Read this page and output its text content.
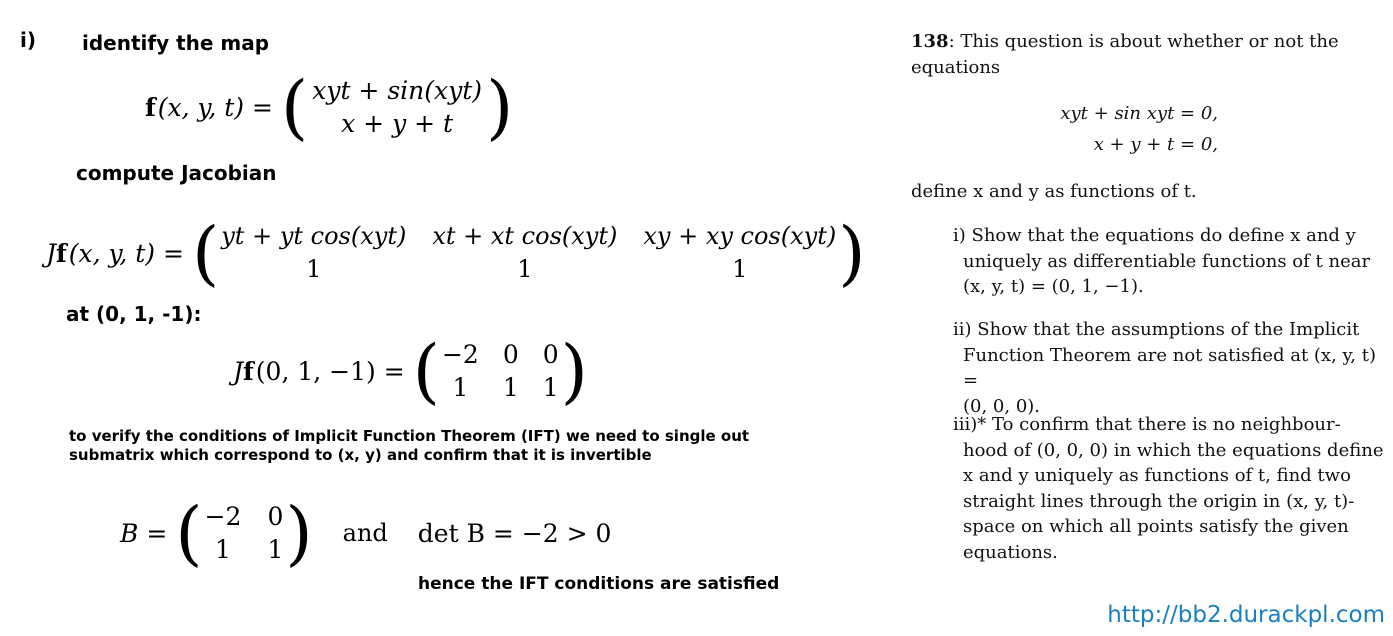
i) identify the map
f (x, y, t) = ( xyt + sin(xyt)
x + y + t )
compute Jacobian
J f (x, y, t) = ( yt + yt cos(xyt) xt + xt cos(xyt) xy + xy cos(xyt)
1	1	1	)
at (0, 1, -1):
J f (0, 1, −1) = ( −2 0 0
1	1 1 )
to verify the conditions of Implicit Function Theorem (IFT) we need to single out
submatrix which correspond to (x, y) and confirm that it is invertible
B = ( −2 0
1	1 ) and det B = −2 > 0
hence the IFT conditions are satisfied
138: This question is about whether or not the
equations
xyt + sin xyt = 0,
x + y + t = 0,
define x and y as functions of t.
i) Show that the equations do define x and y
uniquely as differentiable functions of t near
(x, y, t) = (0, 1, −1).
ii) Show that the assumptions of the Implicit
Function Theorem are not satisfied at (x, y, t) =
(0, 0, 0).
iii)* To confirm that there is no neighbour-
hood of (0, 0, 0) in which the equations define
x and y uniquely as functions of t, find two
straight lines through the origin in (x, y, t)-
space on which all points satisfy the given
equations.
http://bb2.durackpl.com
